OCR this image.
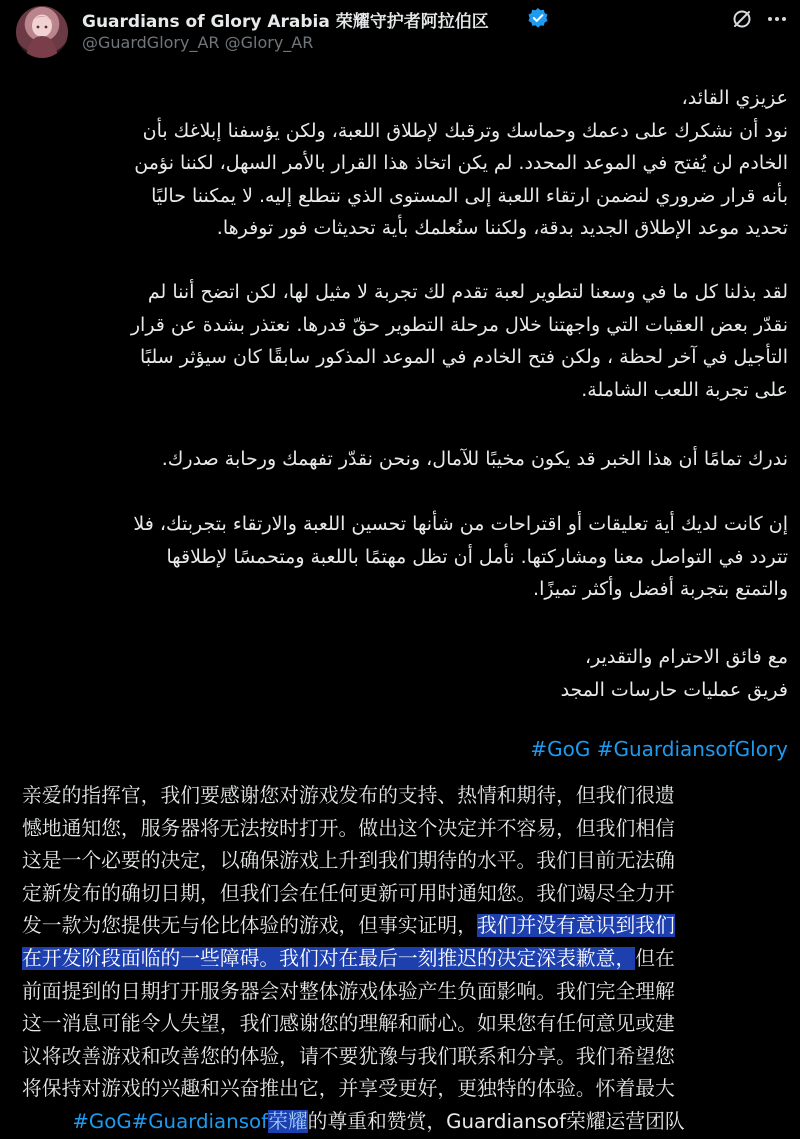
Guardians of Glory Arabia 荣耀守护者阿拉伯区
@GuardGlory_AR @Glory_AR
عزيزي القائد،
نود أن نشكرك على دعمك وحماسك وترقبك لإطلاق اللعبة، ولكن يؤسفنا إبلاغك بأن
الخادم لن يُفتح في الموعد المحدد. لم يكن اتخاذ هذا القرار بالأمر السهل، لكننا نؤمن
بأنه قرار ضروري لنضمن ارتقاء اللعبة إلى المستوى الذي نتطلع إليه. لا يمكننا حاليًا
تحديد موعد الإطلاق الجديد بدقة، ولكننا سنُعلمك بأية تحديثات فور توفرها.
لقد بذلنا كل ما في وسعنا لتطوير لعبة تقدم لك تجربة لا مثيل لها، لكن اتضح أننا لم
نقدّر بعض العقبات التي واجهتنا خلال مرحلة التطوير حقّ قدرها. نعتذر بشدة عن قرار
التأجيل في آخر لحظة ، ولكن فتح الخادم في الموعد المذكور سابقًا كان سيؤثر سلبًا
على تجربة اللعب الشاملة.
ندرك تمامًا أن هذا الخبر قد يكون مخيبًا للآمال، ونحن نقدّر تفهمك ورحابة صدرك.
إن كانت لديك أية تعليقات أو اقتراحات من شأنها تحسين اللعبة والارتقاء بتجربتك، فلا
تتردد في التواصل معنا ومشاركتها. نأمل أن تظل مهتمًا باللعبة ومتحمسًا لإطلاقها
والتمتع بتجربة أفضل وأكثر تميزًا.
مع فائق الاحترام والتقدير،
فريق عمليات حارسات المجد
#GoG #GuardiansofGlory
亲爱的指挥官，我们要感谢您对游戏发布的支持、热情和期待，但我们很遗
憾地通知您，服务器将无法按时打开。做出这个决定并不容易，但我们相信
这是一个必要的决定，以确保游戏上升到我们期待的水平。我们目前无法确
定新发布的确切日期，但我们会在任何更新可用时通知您。我们竭尽全力开
发一款为您提供无与伦比体验的游戏，但事实证明，我们并没有意识到我们
在开发阶段面临的一些障碍。我们对在最后一刻推迟的决定深表歉意，但在
前面提到的日期打开服务器会对整体游戏体验产生负面影响。我们完全理解
这一消息可能令人失望，我们感谢您的理解和耐心。如果您有任何意见或建
议将改善游戏和改善您的体验，请不要犹豫与我们联系和分享。我们希望您
将保持对游戏的兴趣和兴奋推出它，并享受更好，更独特的体验。怀着最大
#GoG#Guardiansof荣耀的尊重和赞赏，Guardiansof荣耀运营团队
